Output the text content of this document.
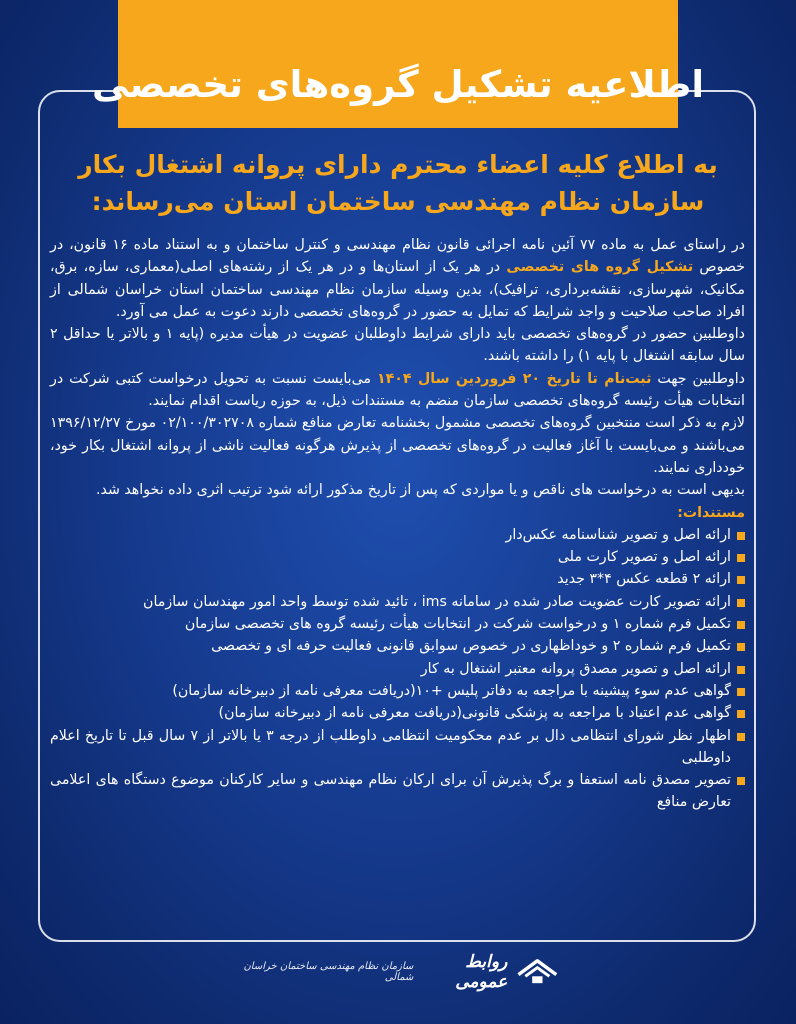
اطلاعیه تشکیل گروه‌های تخصصی
به اطلاع کلیه اعضاء محترم دارای پروانه اشتغال بکار
سازمان نظام مهندسی ساختمان استان می‌رساند:

در راستای عمل به ماده ۷۷ آئین نامه اجرائی قانون نظام مهندسی و کنترل ساختمان و به استناد ماده ۱۶ قانون، در خصوص تشکیل گروه های تخصصی در هر یک از استان‌ها و در هر یک از رشته‌های اصلی(معماری، سازه، برق، مکانیک، شهرسازی، نقشه‌برداری، ترافیک)، بدین وسیله سازمان نظام مهندسی ساختمان استان خراسان شمالی از افراد صاحب صلاحیت و واجد شرایط که تمایل به حضور در گروه‌های تخصصی دارند دعوت به عمل می آورد.

داوطلبین حضور در گروه‌های تخصصی باید دارای شرایط داوطلبان عضویت در هیأت مدیره (پایه ۱ و بالاتر یا حداقل ۲ سال سابقه اشتغال با پایه ۱) را داشته باشند.

داوطلبین جهت ثبت‌نام تا تاریخ ۲۰ فروردین سال ۱۴۰۴ می‌بایست نسبت به تحویل درخواست کتبی شرکت در انتخابات هیأت رئیسه گروه‌های تخصصی سازمان منضم به مستندات ذیل، به حوزه ریاست اقدام نمایند.

لازم به ذکر است منتخبین گروه‌های تخصصی مشمول بخشنامه تعارض منافع شماره ۰۲/۱۰۰/۳۰۲۷۰۸ مورخ ۱۳۹۶/۱۲/۲۷ می‌باشند و می‌بایست با آغاز فعالیت در گروه‌های تخصصی از پذیرش هرگونه فعالیت ناشی از پروانه اشتغال بکار خود، خودداری نمایند.

بدیهی است به درخواست های ناقص و یا مواردی که پس از تاریخ مذکور ارائه شود ترتیب اثری داده نخواهد شد.

مستندات:

ارائه اصل و تصویر شناسنامه عکس‌دار
ارائه اصل و تصویر کارت ملی
ارائه ۲ قطعه عکس ۴*۳ جدید
ارائه تصویر کارت عضویت صادر شده در سامانه ims ، تائید شده توسط واحد امور مهندسان سازمان
تکمیل فرم شماره ۱ و درخواست شرکت در انتخابات هیأت رئیسه گروه های تخصصی سازمان
تکمیل فرم شماره ۲ و خوداظهاری در خصوص سوابق قانونی فعالیت حرفه ای و تخصصی
ارائه اصل و تصویر مصدق پروانه معتبر اشتغال به کار
گواهی عدم سوء پیشینه با مراجعه به دفاتر پلیس +۱۰(دریافت معرفی نامه از دبیرخانه سازمان)
گواهی عدم اعتیاد با مراجعه به پزشکی قانونی(دریافت معرفی نامه از دبیرخانه سازمان)
اظهار نظر شورای انتظامی دال بر عدم محکومیت انتظامی داوطلب از درجه ۳ یا بالاتر از ۷ سال قبل تا تاریخ اعلام داوطلبی
تصویر مصدق نامه استعفا و برگ پذیرش آن برای ارکان نظام مهندسی و سایر کارکنان موضوع دستگاه های اعلامی تعارض منافع
روابط عمومی
سازمان نظام مهندسی ساختمان خراسان شمالی
